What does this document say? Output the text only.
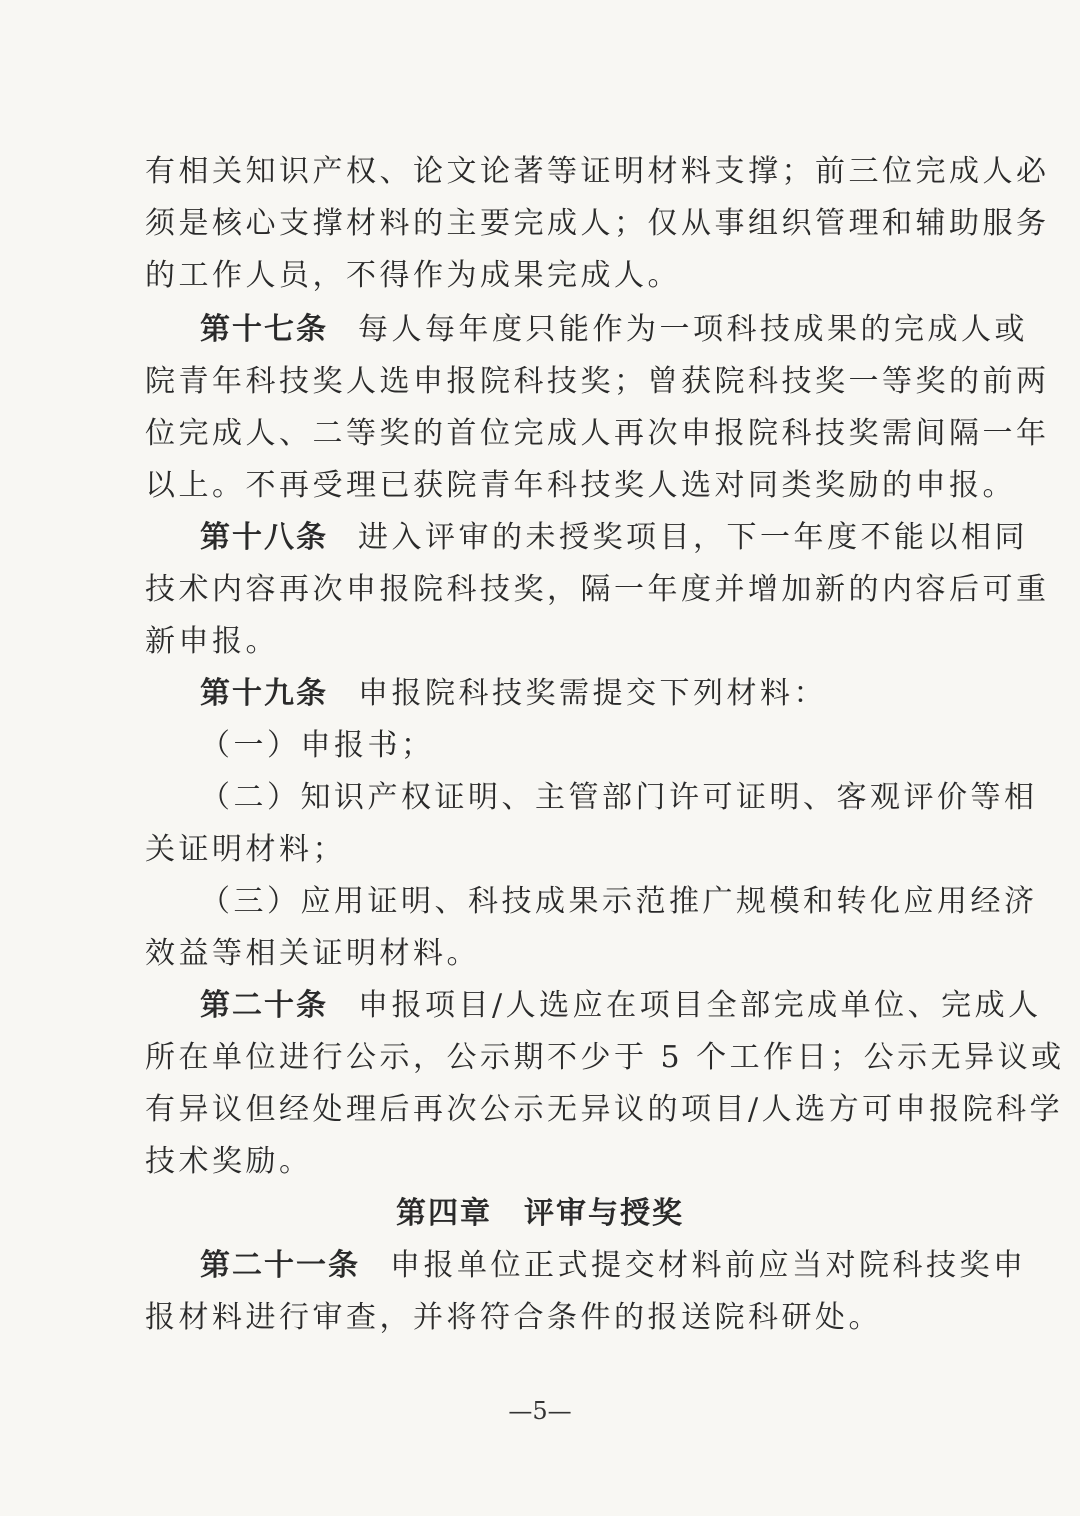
有相关知识产权、论文论著等证明材料支撑；前三位完成人必
须是核心支撑材料的主要完成人；仅从事组织管理和辅助服务
的工作人员，不得作为成果完成人。
第十七条 每人每年度只能作为一项科技成果的完成人或
院青年科技奖人选申报院科技奖；曾获院科技奖一等奖的前两
位完成人、二等奖的首位完成人再次申报院科技奖需间隔一年
以上。不再受理已获院青年科技奖人选对同类奖励的申报。
第十八条 进入评审的未授奖项目，下一年度不能以相同
技术内容再次申报院科技奖，隔一年度并增加新的内容后可重
新申报。
第十九条 申报院科技奖需提交下列材料：
（一）申报书；
（二）知识产权证明、主管部门许可证明、客观评价等相
关证明材料；
（三）应用证明、科技成果示范推广规模和转化应用经济
效益等相关证明材料。
第二十条 申报项目/人选应在项目全部完成单位、完成人
所在单位进行公示，公示期不少于 5 个工作日；公示无异议或
有异议但经处理后再次公示无异议的项目/人选方可申报院科学
技术奖励。
第四章　评审与授奖
第二十一条 申报单位正式提交材料前应当对院科技奖申
报材料进行审查，并将符合条件的报送院科研处。
—5—
